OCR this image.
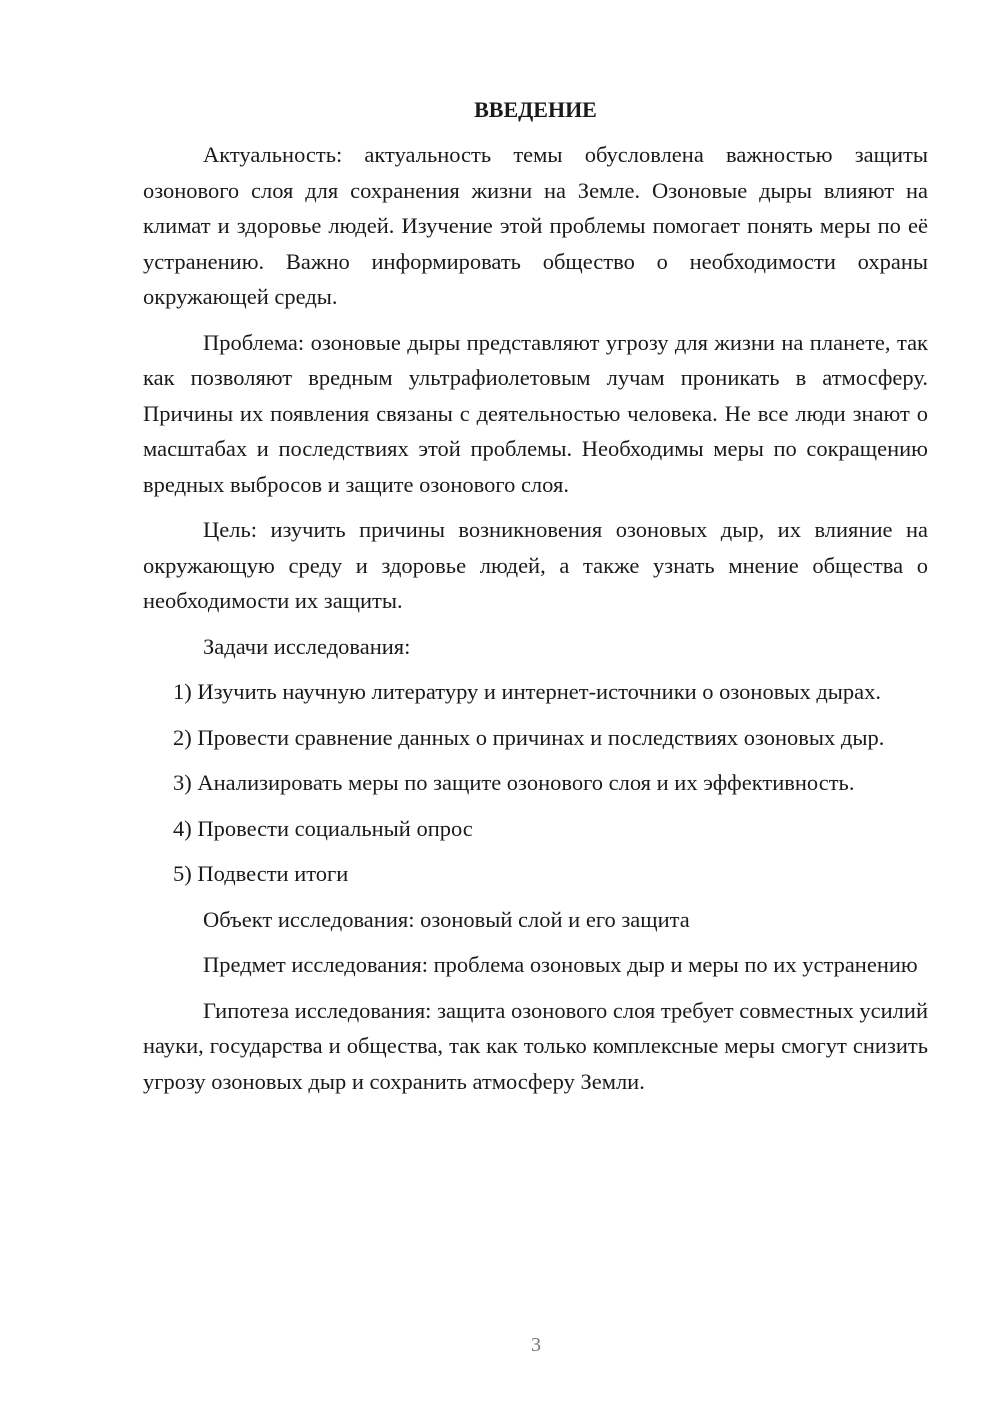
ВВЕДЕНИЕ

Актуальность: актуальность темы обусловлена важностью защиты озонового слоя для сохранения жизни на Земле. Озоновые дыры влияют на климат и здоровье людей. Изучение этой проблемы помогает понять меры по её устранению. Важно информировать общество о необходимости охраны окружающей среды.

Проблема: озоновые дыры представляют угрозу для жизни на планете, так как позволяют вредным ультрафиолетовым лучам проникать в атмосферу. Причины их появления связаны с деятельностью человека. Не все люди знают о масштабах и последствиях этой проблемы. Необходимы меры по сокращению вредных выбросов и защите озонового слоя.

Цель: изучить причины возникновения озоновых дыр, их влияние на окружающую среду и здоровье людей, а также узнать мнение общества о необходимости их защиты.

Задачи исследования:

1) Изучить научную литературу и интернет-источники о озоновых дырах.

2) Провести сравнение данных о причинах и последствиях озоновых дыр.

3) Анализировать меры по защите озонового слоя и их эффективность.

4) Провести социальный опрос

5) Подвести итоги

Объект исследования: озоновый слой и его защита

Предмет исследования: проблема озоновых дыр и меры по их устранению

Гипотеза исследования: защита озонового слоя требует совместных усилий науки, государства и общества, так как только комплексные меры смогут снизить угрозу озоновых дыр и сохранить атмосферу Земли.

3
